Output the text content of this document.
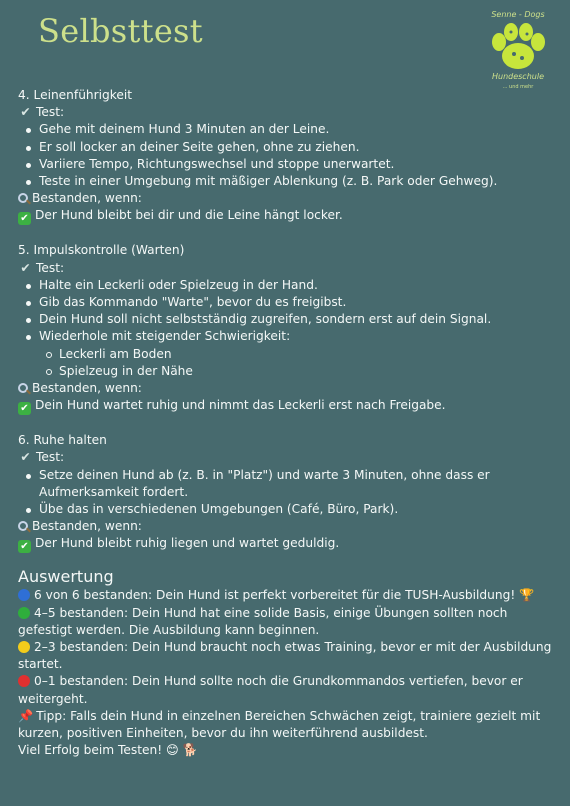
Selbsttest	Senne - Dogs
Hundeschule
... und mehr
4. Leinenführigkeit
✔ Test:
Gehe mit deinem Hund 3 Minuten an der Leine.
Er soll locker an deiner Seite gehen, ohne zu ziehen.
Variiere Tempo, Richtungswechsel und stoppe unerwartet.
Teste in einer Umgebung mit mäßiger Ablenkung (z. B. Park oder Gehweg).
Bestanden, wenn:
✔ Der Hund bleibt bei dir und die Leine hängt locker.
5. Impulskontrolle (Warten)
✔ Test:
Halte ein Leckerli oder Spielzeug in der Hand.
Gib das Kommando "Warte", bevor du es freigibst.
Dein Hund soll nicht selbstständig zugreifen, sondern erst auf dein Signal.
Wiederhole mit steigender Schwierigkeit:
Leckerli am Boden
Spielzeug in der Nähe
Bestanden, wenn:
✔ Dein Hund wartet ruhig und nimmt das Leckerli erst nach Freigabe.
6. Ruhe halten
✔ Test:
Setze deinen Hund ab (z. B. in "Platz") und warte 3 Minuten, ohne dass er Aufmerksamkeit fordert.
Übe das in verschiedenen Umgebungen (Café, Büro, Park).
Bestanden, wenn:
✔ Der Hund bleibt ruhig liegen und wartet geduldig.
Auswertung
6 von 6 bestanden: Dein Hund ist perfekt vorbereitet für die TUSH-Ausbildung! 🏆
4–5 bestanden: Dein Hund hat eine solide Basis, einige Übungen sollten noch gefestigt werden. Die Ausbildung kann beginnen.
2–3 bestanden: Dein Hund braucht noch etwas Training, bevor er mit der Ausbildung startet.
0–1 bestanden: Dein Hund sollte noch die Grundkommandos vertiefen, bevor er weitergeht.
📌 Tipp: Falls dein Hund in einzelnen Bereichen Schwächen zeigt, trainiere gezielt mit kurzen, positiven Einheiten, bevor du ihn weiterführend ausbildest.
Viel Erfolg beim Testen! 😊 🐕
